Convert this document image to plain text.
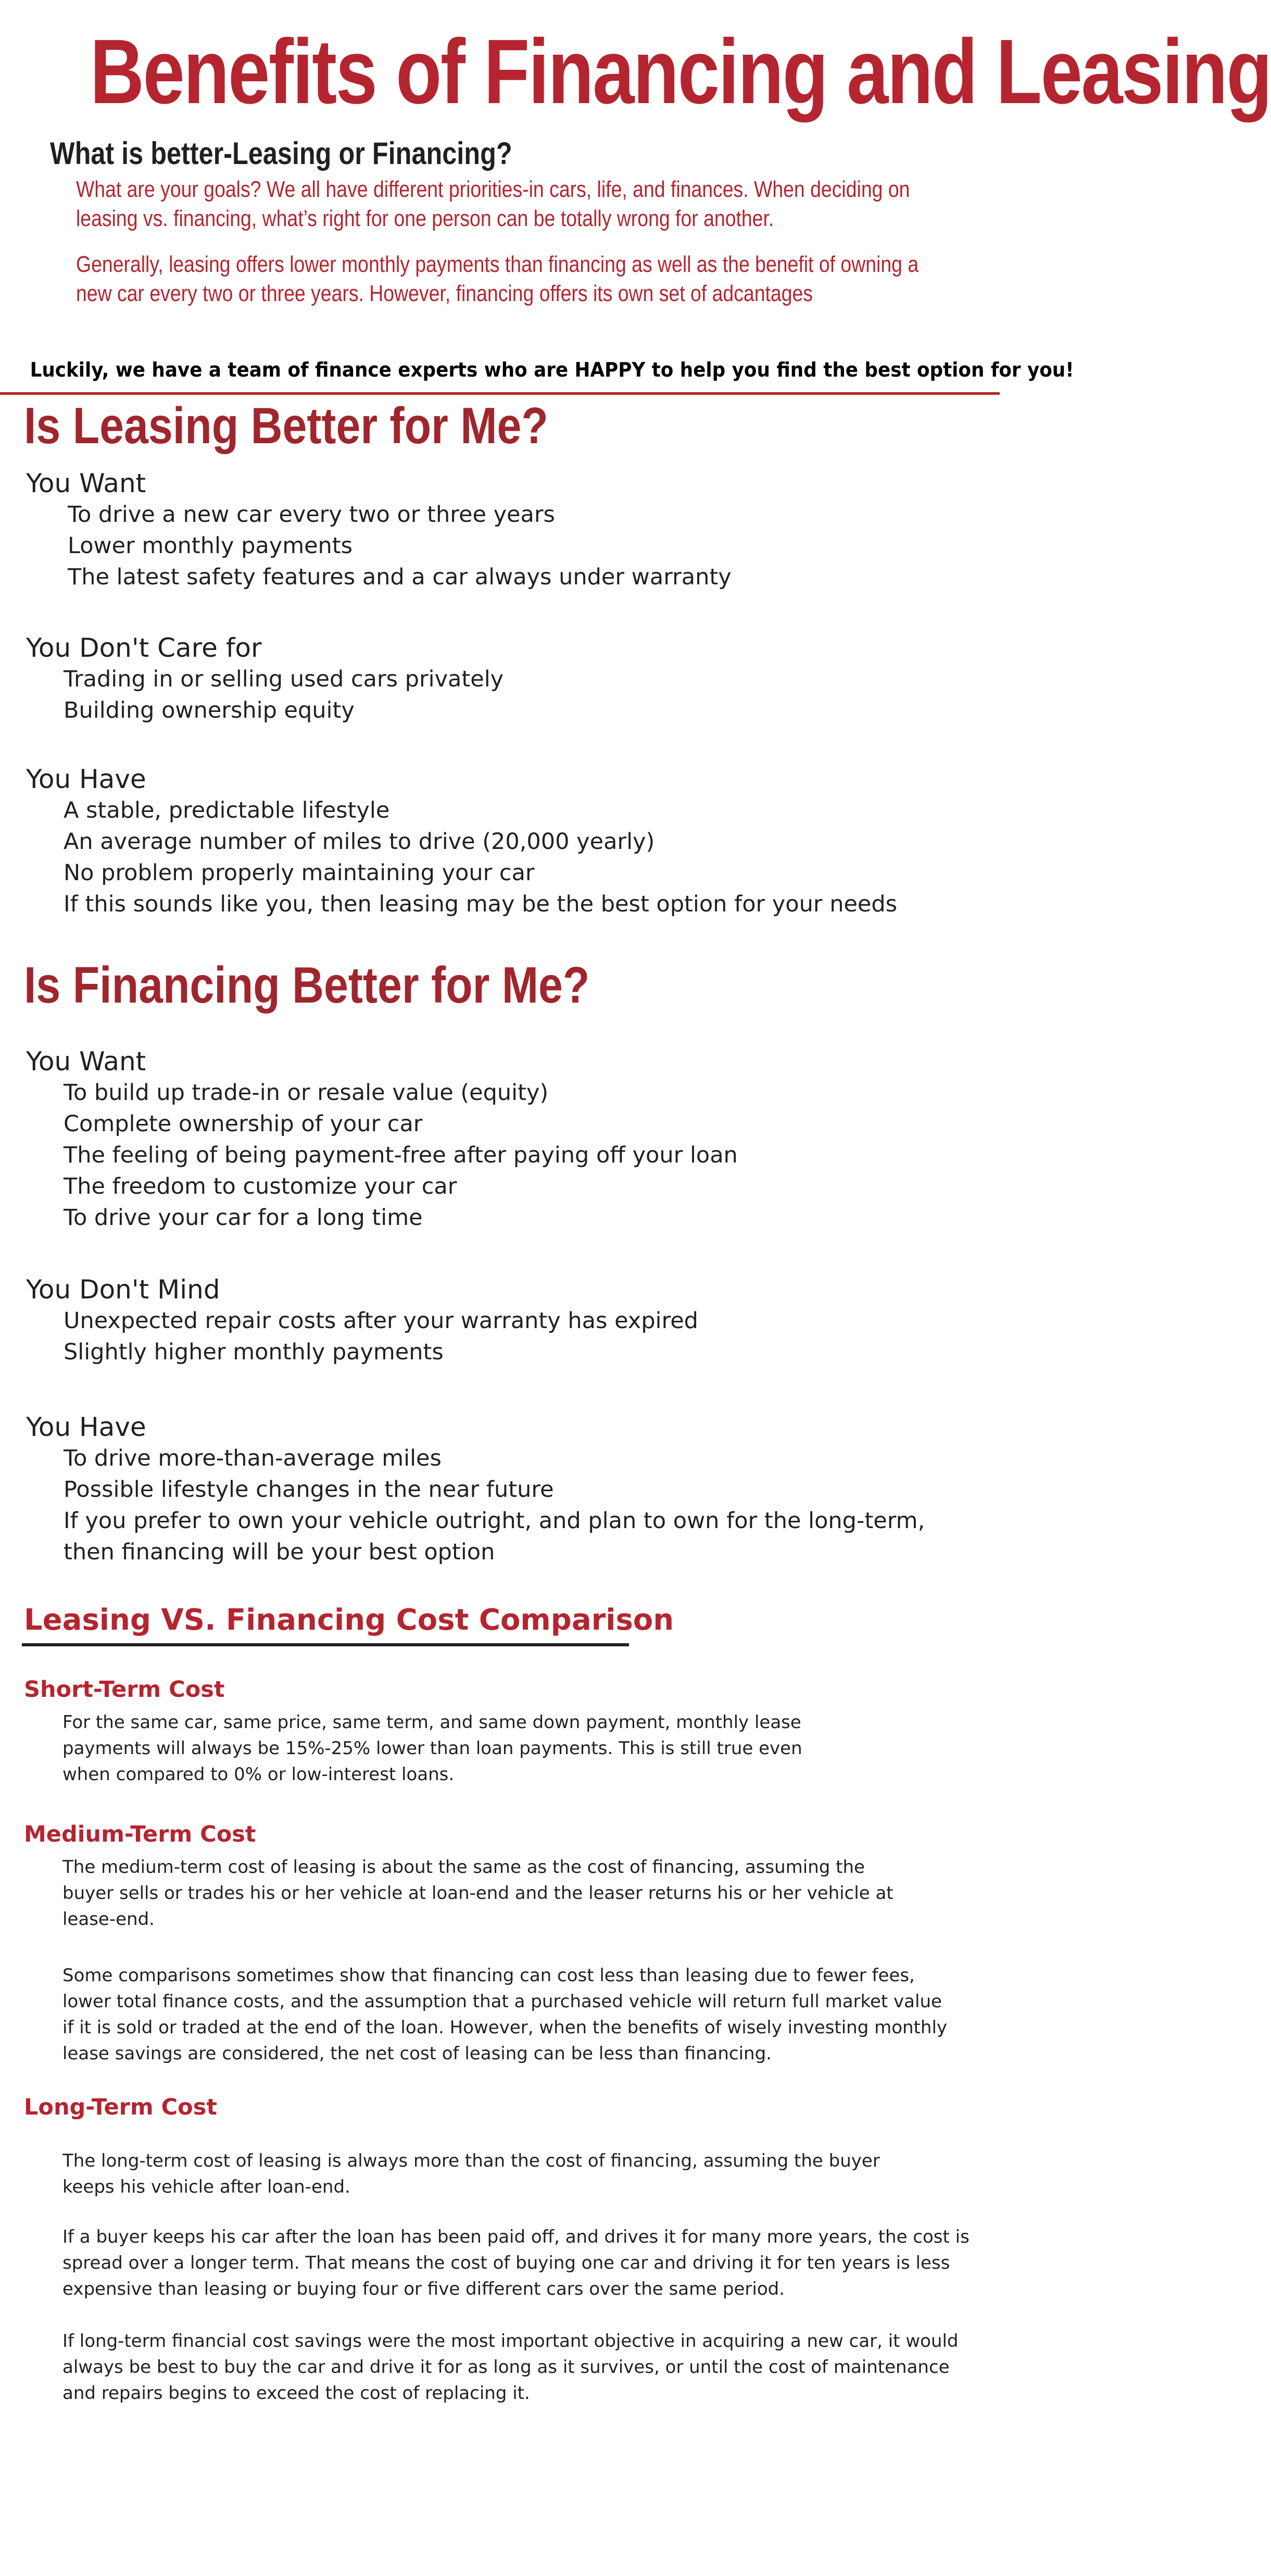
Benefits of Financing and Leasing
What is better-Leasing or Financing?

What are your goals? We all have different priorities-in cars, life, and finances. When deciding on leasing vs. financing, what’s right for one person can be totally wrong for another.

Generally, leasing offers lower monthly payments than financing as well as the benefit of owning a new car every two or three years. However, financing offers its own set of adcantages

Luckily, we have a team of finance experts who are HAPPY to help you find the best option for you!

Is Leasing Better for Me?

You Want

To drive a new car every two or three years
Lower monthly payments
The latest safety features and a car always under warranty

You Don't Care for

Trading in or selling used cars privately
Building ownership equity

You Have

A stable, predictable lifestyle
An average number of miles to drive (20,000 yearly)
No problem properly maintaining your car
If this sounds like you, then leasing may be the best option for your needs
Is Financing Better for Me?

You Want

To build up trade-in or resale value (equity)
Complete ownership of your car
The feeling of being payment-free after paying off your loan
The freedom to customize your car
To drive your car for a long time

You Don't Mind

Unexpected repair costs after your warranty has expired
Slightly higher monthly payments

You Have

To drive more-than-average miles
Possible lifestyle changes in the near future
If you prefer to own your vehicle outright, and plan to own for the long-term,
then financing will be your best option
Leasing VS. Financing Cost Comparison
Short-Term Cost

For the same car, same price, same term, and same down payment, monthly lease payments will always be 15%-25% lower than loan payments. This is still true even when compared to 0% or low-interest loans.

Medium-Term Cost

The medium-term cost of leasing is about the same as the cost of financing, assuming the buyer sells or trades his or her vehicle at loan-end and the leaser returns his or her vehicle at lease-end.

Some comparisons sometimes show that financing can cost less than leasing due to fewer fees, lower total finance costs, and the assumption that a purchased vehicle will return full market value if it is sold or traded at the end of the loan. However, when the benefits of wisely investing monthly lease savings are considered, the net cost of leasing can be less than financing.

Long-Term Cost

The long-term cost of leasing is always more than the cost of financing, assuming the buyer keeps his vehicle after loan-end.

If a buyer keeps his car after the loan has been paid off, and drives it for many more years, the cost is spread over a longer term. That means the cost of buying one car and driving it for ten years is less expensive than leasing or buying four or five different cars over the same period.

If long-term financial cost savings were the most important objective in acquiring a new car, it would always be best to buy the car and drive it for as long as it survives, or until the cost of maintenance and repairs begins to exceed the cost of replacing it.
